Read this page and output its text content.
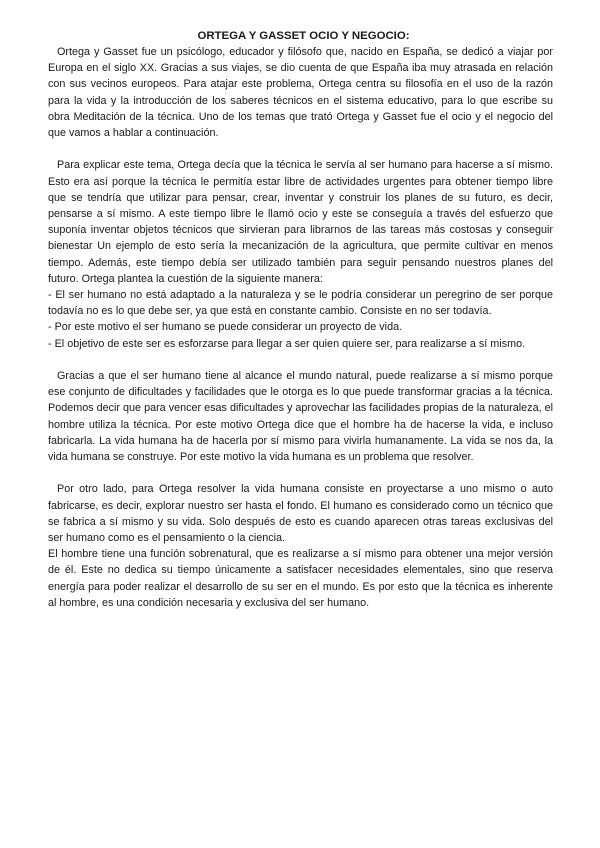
ORTEGA Y GASSET OCIO Y NEGOCIO:

Ortega y Gasset fue un psicólogo, educador y filósofo que, nacido en España, se dedicó a viajar por Europa en el siglo XX. Gracias a sus viajes, se dio cuenta de que España iba muy atrasada en relación con sus vecinos europeos. Para atajar este problema, Ortega centra su filosofía en el uso de la razón para la vida y la introducción de los saberes técnicos en el sistema educativo, para lo que escribe su obra Meditación de la técnica. Uno de los temas que trató Ortega y Gasset fue el ocio y el negocio del que vamos a hablar a continuación.

Para explicar este tema, Ortega decía que la técnica le servía al ser humano para hacerse a sí mismo. Esto era así porque la técnica le permitía estar libre de actividades urgentes para obtener tiempo libre que se tendría que utilizar para pensar, crear, inventar y construir los planes de su futuro, es decir, pensarse a sí mismo. A este tiempo libre le llamó ocio y este se conseguía a través del esfuerzo que suponía inventar objetos técnicos que sirvieran para librarnos de las tareas más costosas y conseguir bienestar Un ejemplo de esto sería la mecanización de la agricultura, que permite cultivar en menos tiempo. Además, este tiempo debía ser utilizado también para seguir pensando nuestros planes del futuro. Ortega plantea la cuestión de la siguiente manera:

- El ser humano no está adaptado a la naturaleza y se le podría considerar un peregrino de ser porque todavía no es lo que debe ser, ya que está en constante cambio. Consiste en no ser todavía.

- Por este motivo el ser humano se puede considerar un proyecto de vida.

- El objetivo de este ser es esforzarse para llegar a ser quien quiere ser, para realizarse a sí mismo.

Gracias a que el ser humano tiene al alcance el mundo natural, puede realizarse a sí mismo porque ese conjunto de dificultades y facilidades que le otorga es lo que puede transformar gracias a la técnica. Podemos decir que para vencer esas dificultades y aprovechar las facilidades propias de la naturaleza, el hombre utiliza la técnica. Por este motivo Ortega dice que el hombre ha de hacerse la vida, e incluso fabricarla. La vida humana ha de hacerla por sí mismo para vivirla humanamente. La vida se nos da, la vida humana se construye. Por este motivo la vida humana es un problema que resolver.

Por otro lado, para Ortega resolver la vida humana consiste en proyectarse a uno mismo o auto fabricarse, es decir, explorar nuestro ser hasta el fondo. El humano es considerado como un técnico que se fabrica a sí mismo y su vida. Solo después de esto es cuando aparecen otras tareas exclusivas del ser humano como es el pensamiento o la ciencia.

El hombre tiene una función sobrenatural, que es realizarse a sí mismo para obtener una mejor versión de él. Este no dedica su tiempo únicamente a satisfacer necesidades elementales, sino que reserva energía para poder realizar el desarrollo de su ser en el mundo. Es por esto que la técnica es inherente al hombre, es una condición necesaria y exclusiva del ser humano.
